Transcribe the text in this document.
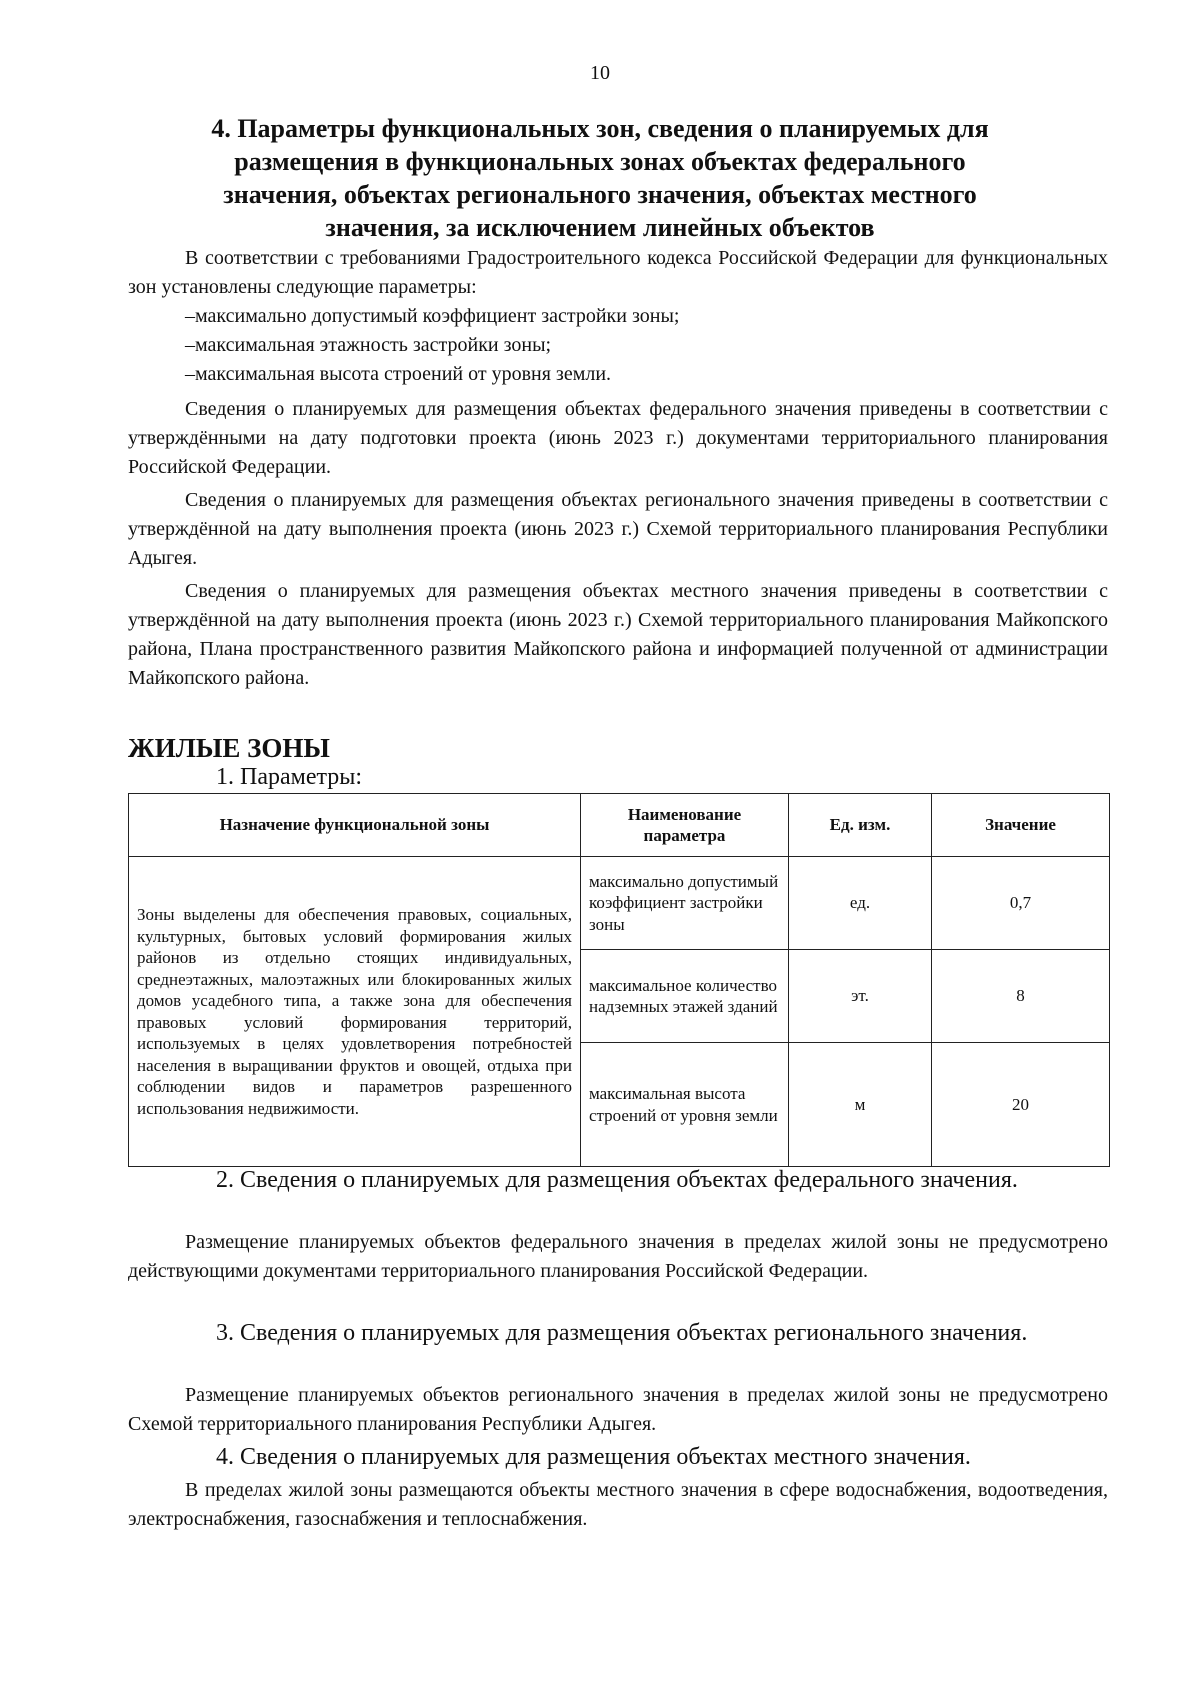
10
4. Параметры функциональных зон, сведения о планируемых для
размещения в функциональных зонах объектах федерального
значения, объектах регионального значения, объектах местного
значения, за исключением линейных объектов

В соответствии с требованиями Градостроительного кодекса Российской Федерации для функциональных зон установлены следующие параметры:

–максимально допустимый коэффициент застройки зоны;

–максимальная этажность застройки зоны;

–максимальная высота строений от уровня земли.

Сведения о планируемых для размещения объектах федерального значения приведены в соответствии с утверждёнными на дату подготовки проекта (июнь 2023 г.) документами территориального планирования Российской Федерации.

Сведения о планируемых для размещения объектах регионального значения приведены в соответствии с утверждённой на дату выполнения проекта (июнь 2023 г.) Схемой территориального планирования Республики Адыгея.

Сведения о планируемых для размещения объектах местного значения приведены в соответствии с утверждённой на дату выполнения проекта (июнь 2023 г.) Схемой территориального планирования Майкопского района, Плана пространственного развития Майкопского района и информацией полученной от администрации Майкопского района.

ЖИЛЫЕ ЗОНЫ
1. Параметры:
Назначение функциональной зоны	Наименование параметра	Ед. изм.	Значение
Зоны выделены для обеспечения правовых, социальных, культурных, бытовых условий формирования жилых районов из отдельно стоящих индивидуальных, среднеэтажных, малоэтажных или блокированных жилых домов усадебного типа, а также зона для обеспечения правовых условий формирования территорий, используемых в целях удовлетворения потребностей населения в выращивании фруктов и овощей, отдыха при соблюдении видов и параметров разрешенного использования недвижимости.	максимально допустимый коэффициент застройки зоны	ед.	0,7
	максимальное количество надземных этажей зданий	эт.	8
	максимальная высота строений от уровня земли	м	20
2. Сведения о планируемых для размещения объектах федерального значения.

Размещение планируемых объектов федерального значения в пределах жилой зоны не предусмотрено действующими документами территориального планирования Российской Федерации.

3. Сведения о планируемых для размещения объектах регионального значения.

Размещение планируемых объектов регионального значения в пределах жилой зоны не предусмотрено Схемой территориального планирования Республики Адыгея.

4. Сведения о планируемых для размещения объектах местного значения.

В пределах жилой зоны размещаются объекты местного значения в сфере водоснабжения, водоотведения, электроснабжения, газоснабжения и теплоснабжения.
